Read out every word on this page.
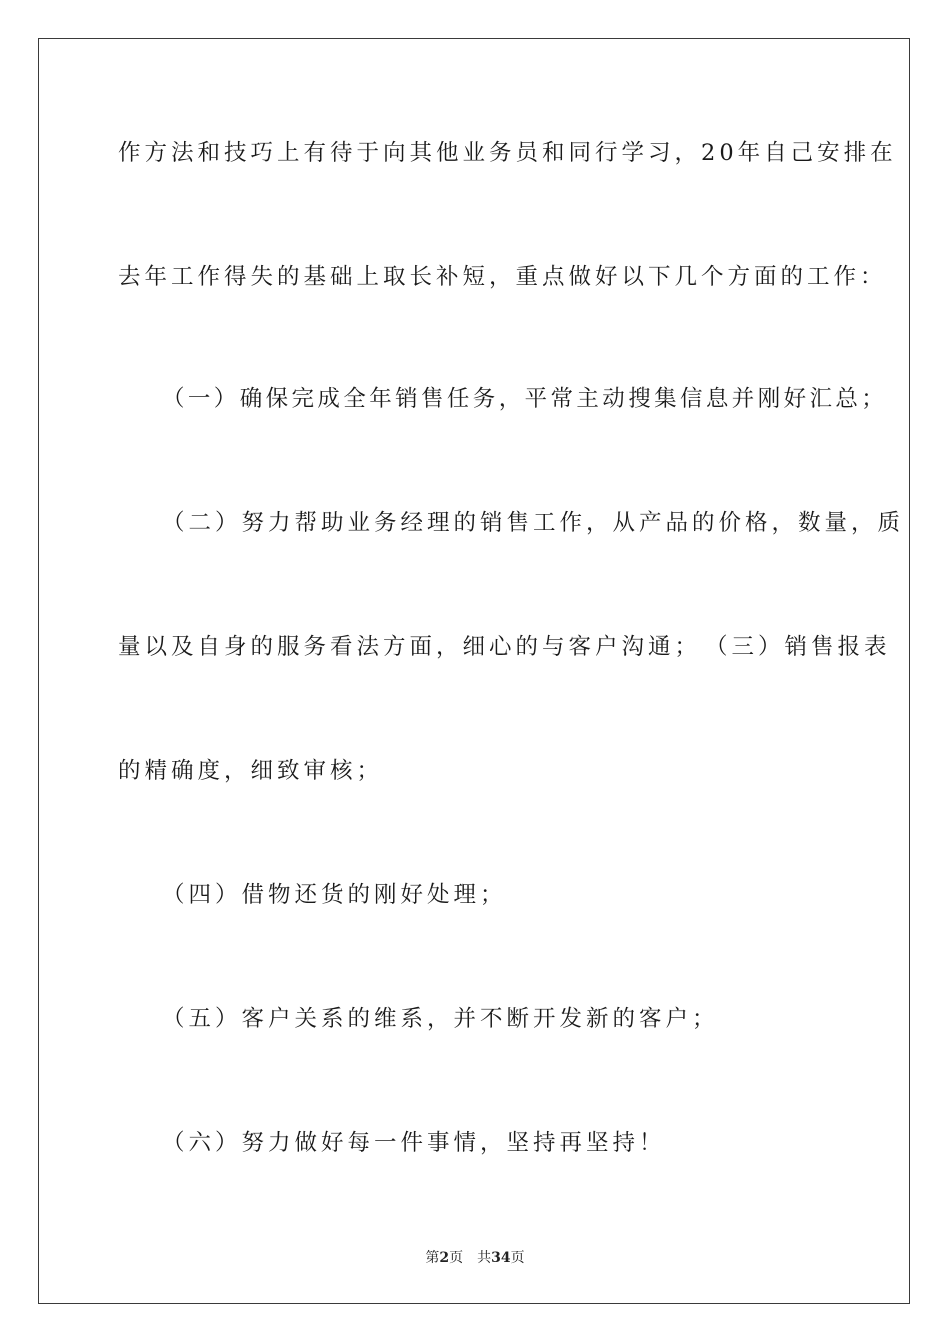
作方法和技巧上有待于向其他业务员和同行学习，20年自己安排在
去年工作得失的基础上取长补短，重点做好以下几个方面的工作：
（一）确保完成全年销售任务，平常主动搜集信息并刚好汇总；
（二）努力帮助业务经理的销售工作，从产品的价格，数量，质
量以及自身的服务看法方面，细心的与客户沟通；　（三）销售报表
的精确度，细致审核；
（四）借物还货的刚好处理；
（五）客户关系的维系，并不断开发新的客户；
（六）努力做好每一件事情，坚持再坚持！
第2页　共34页
